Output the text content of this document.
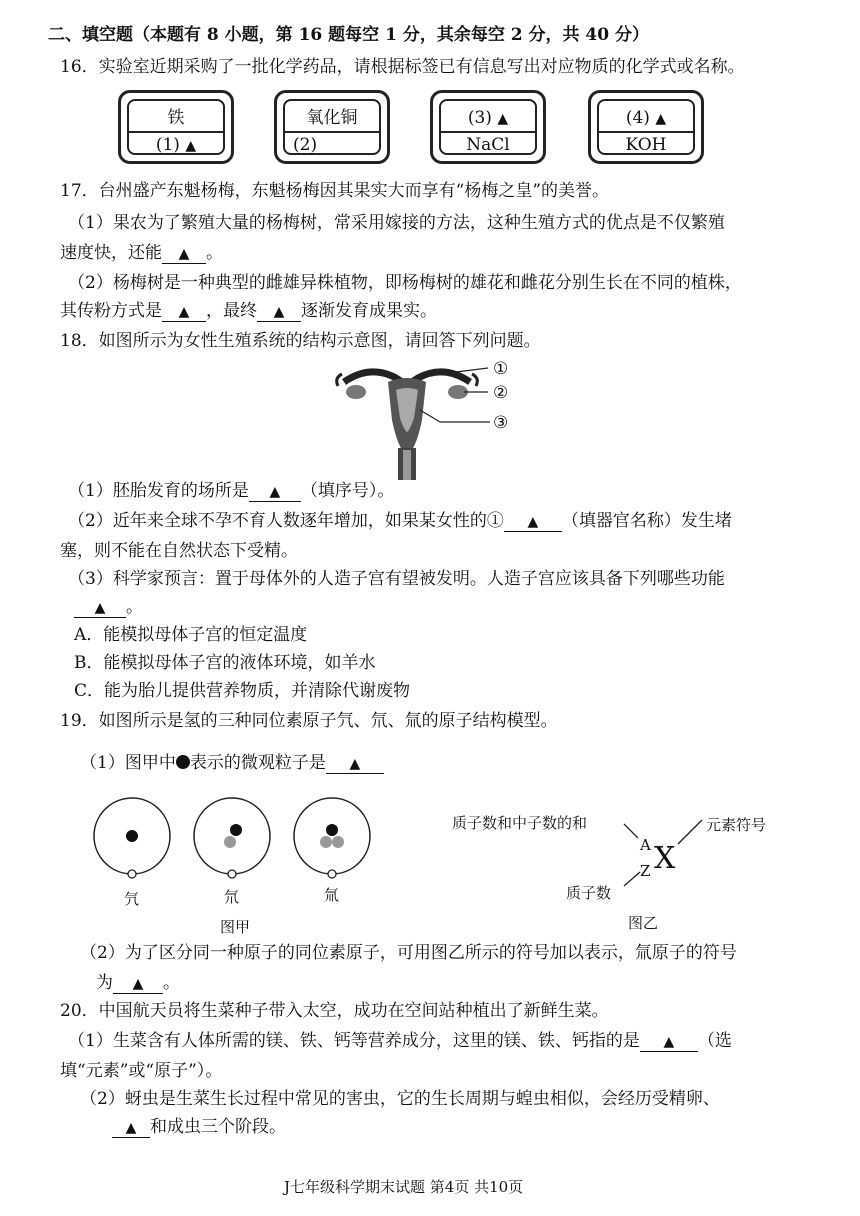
二、填空题（本题有 8 小题，第 16 题每空 1 分，其余每空 2 分，共 40 分）
16．实验室近期采购了一批化学药品，请根据标签已有信息写出对应物质的化学式或名称。
铁
(1) ▲
氧化铜
(2)
(3) ▲
NaCl
(4) ▲
KOH
17．台州盛产东魁杨梅，东魁杨梅因其果实大而享有“杨梅之皇”的美誉。
（1）果农为了繁殖大量的杨梅树，常采用嫁接的方法，这种生殖方式的优点是不仅繁殖
速度快，还能 ▲ 。
（2）杨梅树是一种典型的雌雄异株植物，即杨梅树的雄花和雌花分别生长在不同的植株，
其传粉方式是 ▲ ，最终 ▲ 逐渐发育成果实。
18．如图所示为女性生殖系统的结构示意图，请回答下列问题。
①
②
③
（1）胚胎发育的场所是 ▲ （填序号）。
（2）近年来全球不孕不育人数逐年增加，如果某女性的① ▲ （填器官名称）发生堵
塞，则不能在自然状态下受精。
（3）科学家预言：置于母体外的人造子宫有望被发明。人造子宫应该具备下列哪些功能
▲ 。
A．能模拟母体子宫的恒定温度
B．能模拟母体子宫的液体环境，如羊水
C．能为胎儿提供营养物质，并清除代谢废物
19．如图所示是氢的三种同位素原子氕、氘、氚的原子结构模型。
（1）图甲中 表示的微观粒子是 ▲
氕	氘	氚
图甲
质子数和中子数的和	元素符号
质子数
A
Z X
图乙
（2）为了区分同一种原子的同位素原子，可用图乙所示的符号加以表示，氚原子的符号
为 ▲ 。
20．中国航天员将生菜种子带入太空，成功在空间站种植出了新鲜生菜。
（1）生菜含有人体所需的镁、铁、钙等营养成分，这里的镁、铁、钙指的是 ▲ （选
填“元素”或“原子”）。
（2）蚜虫是生菜生长过程中常见的害虫，它的生长周期与蝗虫相似，会经历受精卵、
▲ 和成虫三个阶段。
J七年级科学期末试题 第4页 共10页
